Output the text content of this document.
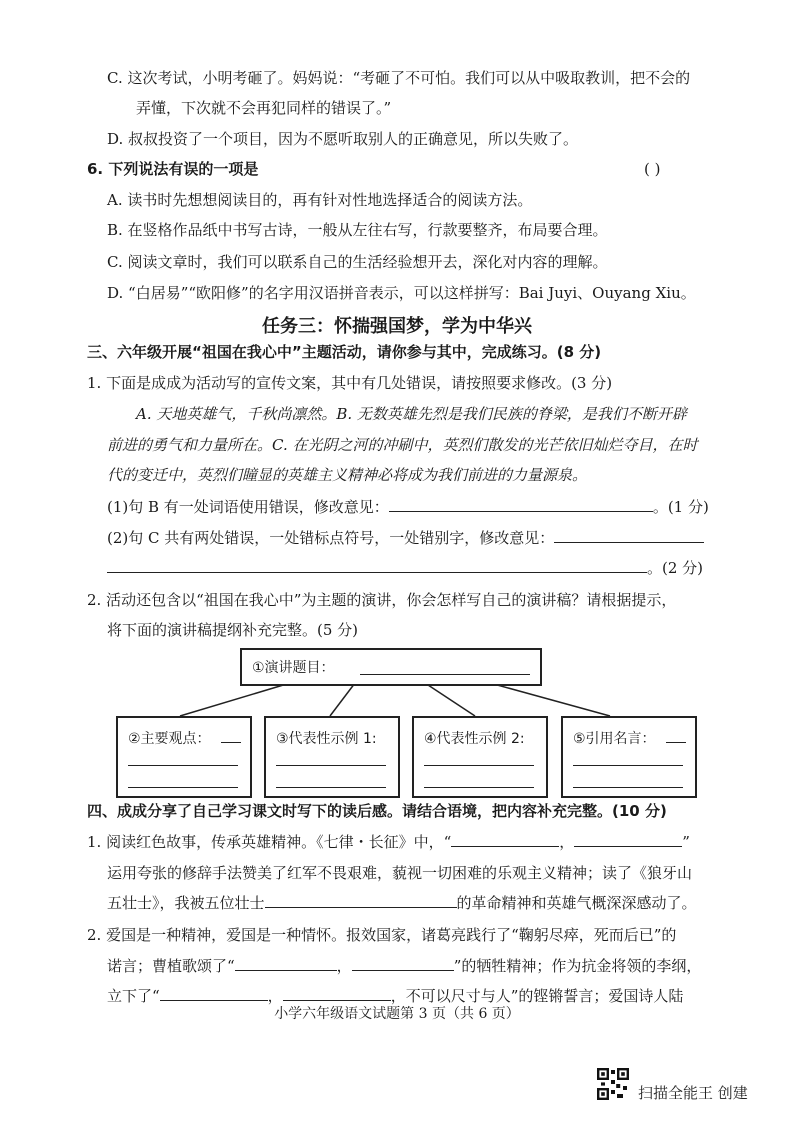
C. 这次考试，小明考砸了。妈妈说：“考砸了不可怕。我们可以从中吸取教训，把不会的
弄懂，下次就不会再犯同样的错误了。”
D. 叔叔投资了一个项目，因为不愿听取别人的正确意见，所以失败了。
6. 下列说法有误的一项是	( )
A. 读书时先想想阅读目的，再有针对性地选择适合的阅读方法。
B. 在竖格作品纸中书写古诗，一般从左往右写，行款要整齐，布局要合理。
C. 阅读文章时，我们可以联系自己的生活经验想开去，深化对内容的理解。
D. “白居易”“欧阳修”的名字用汉语拼音表示，可以这样拼写：Bai Juyi、Ouyang Xiu。
任务三：怀揣强国梦，学为中华兴
三、六年级开展“祖国在我心中”主题活动，请你参与其中，完成练习。(8 分)
1. 下面是成成为活动写的宣传文案，其中有几处错误，请按照要求修改。(3 分)
A. 天地英雄气，千秋尚凛然。B. 无数英雄先烈是我们民族的脊梁，是我们不断开辟
前进的勇气和力量所在。C. 在光阴之河的冲刷中，英烈们散发的光芒依旧灿烂夺目，在时
代的变迁中，英烈们瞳显的英雄主义精神必将成为我们前进的力量源泉。
(1)句 B 有一处词语使用错误，修改意见：	。(1 分)
(2)句 C 共有两处错误，一处错标点符号，一处错别字，修改意见：
。(2 分)
2. 活动还包含以“祖国在我心中”为主题的演讲，你会怎样写自己的演讲稿？请根据提示，
将下面的演讲稿提纲补充完整。(5 分)
①演讲题目：
②主要观点：	③代表性示例 1:	④代表性示例 2:	⑤引用名言：
四、成成分享了自己学习课文时写下的读后感。请结合语境，把内容补充完整。(10 分)
1. 阅读红色故事，传承英雄精神。《七律・长征》中，“	，	”
运用夸张的修辞手法赞美了红军不畏艰难，藐视一切困难的乐观主义精神；读了《狼牙山
五壮士》，我被五位壮士	的革命精神和英雄气概深深感动了。
2. 爱国是一种精神，爱国是一种情怀。报效国家，诸葛亮践行了“鞠躬尽瘁，死而后已”的
诺言；曹植歌颂了“	，	”的牺牲精神；作为抗金将领的李纲，
立下了“	，	，不可以尺寸与人”的铿锵誓言；爱国诗人陆
小学六年级语文试题第 3 页（共 6 页）
扫描全能王 创建
